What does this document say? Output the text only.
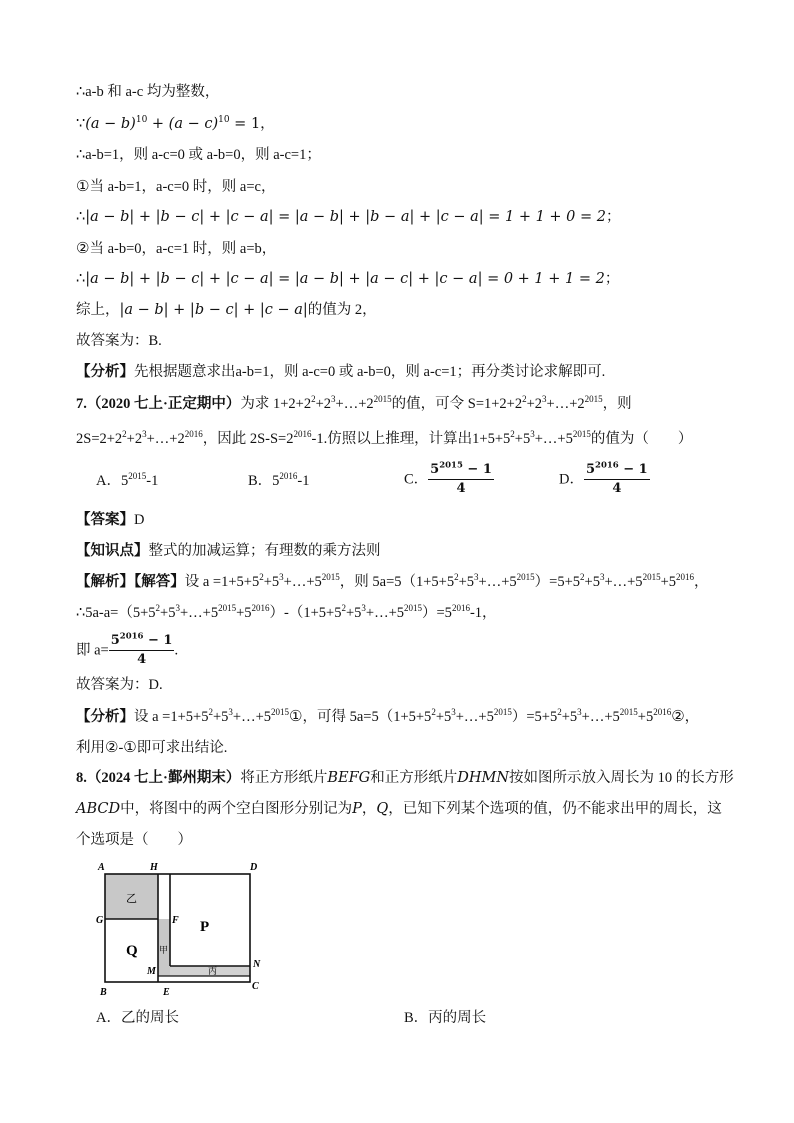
∴a-b 和 a-c 均为整数，
∵(a − $b)^{10} + (a - c)^{10} = 1$，
∴a-b=1，则 a-c=0 或 a-b=0，则 a-c=1；
①当 a-b=1，a-c=0 时，则 a=c，
∴|a − b| + |b − c| + |c − a| = |a − b| + |b − a| + |c − a| = 1 + 1 + 0 = 2；
②当 a-b=0，a-c=1 时，则 a=b，
∴|a − b| + |b − c| + |c − a| = |a − b| + |a − c| + |c − a| = 0 + 1 + 1 = 2；
综上，|a − b| + |b − c| + |c − a|的值为 2，
故答案为：B.
【分析】先根据题意求出a-b=1，则 a-c=0 或 a-b=0，则 a-c=1；再分类讨论求解即可.
7.（2020 七上·正定期中）为求 $1+2+2^2+2^3+\dots+2^{2015}$的值，可令 $S=1+2+2^2+2^3+\dots+2^{2015}$，则
$2S=2+2^2+2^3+\dots+2^{2016}$，因此 $2S-S=2^{2016}-1$.仿照以上推理，计算出$1+5+5^2+5^3+\dots+5^{2015}$的值为（　　）
A．$5^{2015}-1$	B．$5^{2016}-1$	C． $\frac{5^{2015} - 1}{4}$	D． $\frac{5^{2016} - 1}{4}$
【答案】D
【知识点】整式的加减运算；有理数的乘方法则
【解析】【解答】设 $a =1+5+5^2+5^3+\dots+5^{2015}$，则 $5a=5(1+5+5^2+5^3+\dots+5^{2015})=5+5^2+5^3+\dots+5^{2015}+5^{2016}$，
$\therefore 5a-a=(5+5^2+5^3+\dots+5^{2015}+5^{2016})-(1+5+5^2+5^3+\dots+5^{2015})=5^{2016}-1$，
即 $a= \frac{5^{2016} - 1}{4}$ .
故答案为：D.
【分析】设 $a =1+5+5^2+5^3+\dots+5^{2015}①$，可得 $5a=5(1+5+5^2+5^3+\dots+5^{2015})=5+5^2+5^3+\dots+5^{2015}+5^{2016}②$，
利用②-①即可求出结论.
8.（2024 七上·鄞州期末）将正方形纸片BEFG和正方形纸片DHMN按如图所示放入周长为 10 的长方形
ABCD中，将图中的两个空白图形分别记为P，Q，已知下列某个选项的值，仍不能求出甲的周长，这
个选项是（　　）
A	H	D
G	F
M
N
B	E
C
P
Q
乙
甲
丙
A．乙的周长	B．丙的周长
